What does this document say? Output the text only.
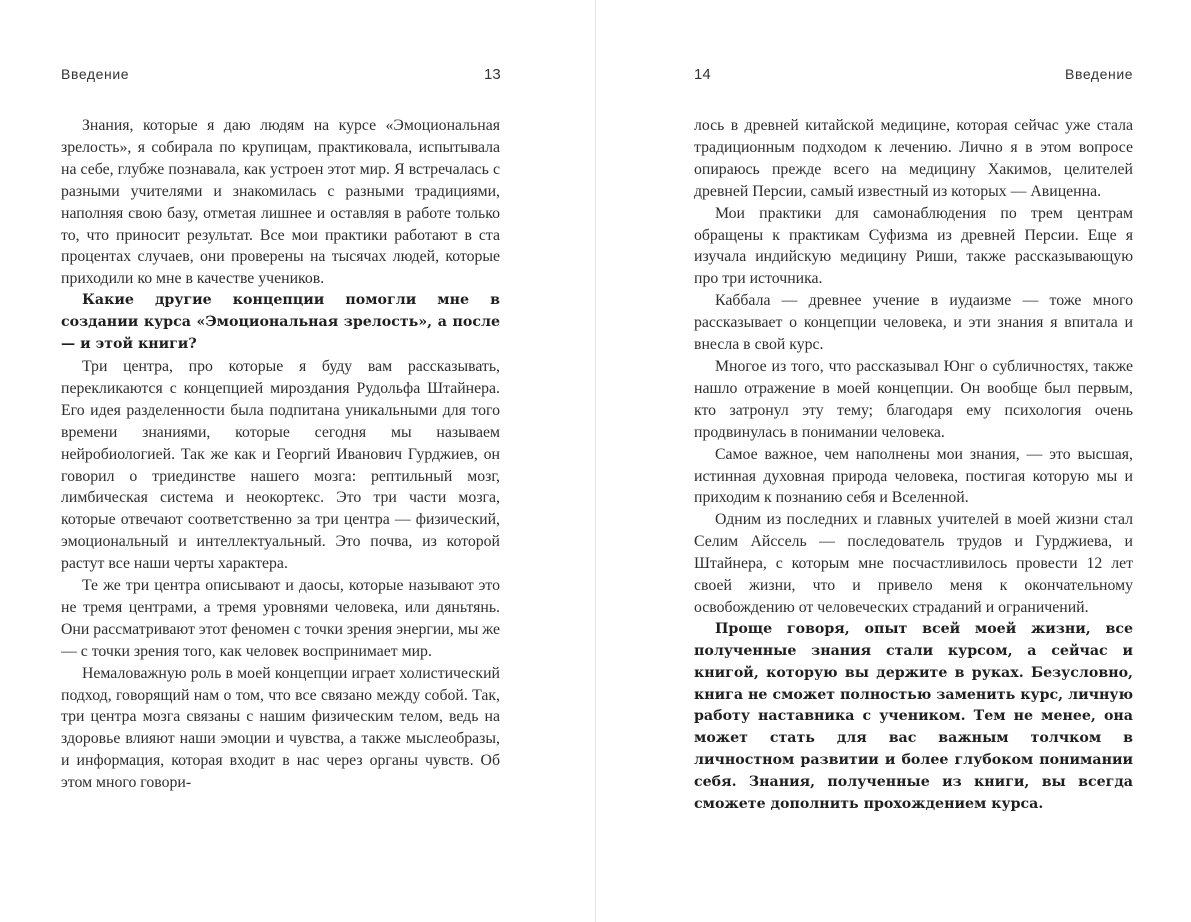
Введение	13

Знания, которые я даю людям на курсе «Эмоциональная зрелость», я собирала по крупицам, практиковала, испытывала на себе, глубже познавала, как устроен этот мир. Я встречалась с разными учителями и знакомилась с разными традициями, наполняя свою базу, отметая лишнее и оставляя в работе только то, что приносит результат. Все мои практики работают в ста процентах случаев, они проверены на тысячах людей, которые приходили ко мне в качестве учеников.

Какие другие концепции помогли мне в создании курса «Эмоциональная зрелость», а после — и этой книги?

Три центра, про которые я буду вам рассказывать, перекликаются с концепцией мироздания Рудольфа Штайнера. Его идея разделенности была подпитана уникальными для того времени знаниями, которые сегодня мы называем нейробиологией. Так же как и Георгий Иванович Гурджиев, он говорил о триединстве нашего мозга: рептильный мозг, лимбическая система и неокортекс. Это три части мозга, которые отвечают соответственно за три центра — физический, эмоциональный и интеллектуальный. Это почва, из которой растут все наши черты характера.

Те же три центра описывают и даосы, которые называют это не тремя центрами, а тремя уровнями человека, или дяньтянь. Они рассматривают этот феномен с точки зрения энергии, мы же — с точки зрения того, как человек воспринимает мир.

Немаловажную роль в моей концепции играет холистический подход, говорящий нам о том, что все связано между собой. Так, три центра мозга связаны с нашим физическим телом, ведь на здоровье влияют наши эмоции и чувства, а также мыслеобразы, и информация, которая входит в нас через органы чувств. Об этом много говори-

14	Введение

лось в древней китайской медицине, которая сейчас уже стала традиционным подходом к лечению. Лично я в этом вопросе опираюсь прежде всего на медицину Хакимов, целителей древней Персии, самый известный из которых — Авиценна.

Мои практики для самонаблюдения по трем центрам обращены к практикам Суфизма из древней Персии. Еще я изучала индийскую медицину Риши, также рассказывающую про три источника.

Каббала — древнее учение в иудаизме — тоже много рассказывает о концепции человека, и эти знания я впитала и внесла в свой курс.

Многое из того, что рассказывал Юнг о субличностях, также нашло отражение в моей концепции. Он вообще был первым, кто затронул эту тему; благодаря ему психология очень продвинулась в понимании человека.

Самое важное, чем наполнены мои знания, — это высшая, истинная духовная природа человека, постигая которую мы и приходим к познанию себя и Вселенной.

Одним из последних и главных учителей в моей жизни стал Селим Айссель — последователь трудов и Гурджиева, и Штайнера, с которым мне посчастливилось провести 12 лет своей жизни, что и привело меня к окончательному освобождению от человеческих страданий и ограничений.

Проще говоря, опыт всей моей жизни, все полученные знания стали курсом, а сейчас и книгой, которую вы держите в руках. Безусловно, книга не сможет полностью заменить курс, личную работу наставника с учеником. Тем не менее, она может стать для вас важным толчком в личностном развитии и более глубоком понимании себя. Знания, полученные из книги, вы всегда сможете дополнить прохождением курса.
